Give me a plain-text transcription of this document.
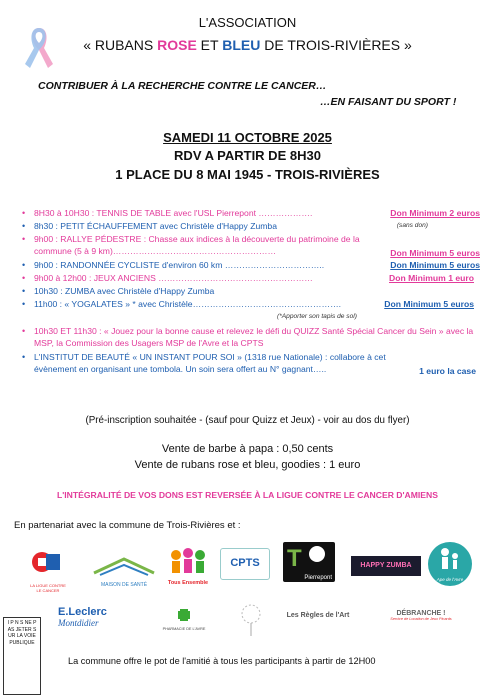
L'ASSOCIATION
« RUBANS ROSE ET BLEU DE TROIS-RIVIÈRES »
CONTRIBUER À LA RECHERCHE CONTRE LE CANCER…
…EN FAISANT DU SPORT !
SAMEDI 11 OCTOBRE 2025
RDV A PARTIR DE 8H30
1 PLACE DU 8 MAI 1945 - TROIS-RIVIÈRES
• 8H30 à 10H30 : TENNIS DE TABLE avec l'USL Pierrepont ……………….	Don Minimum 2 euros
• 8h30 : PETIT ÉCHAUFFEMENT avec Christèle d'Happy Zumba	(sans don)
• 9h00 : RALLYE PÉDESTRE : Chasse aux indices à la découverte du patrimoine de la commune (5 à 9 km)…………………………………………………	Don Minimum 5 euros
• 9h00 : RANDONNÉE CYCLISTE d'environ 60 km ……………………………..	Don Minimum 5 euros
• 9h00 à 12h00 : JEUX ANCIENS ………………………………………………	Don Minimum 1 euro
• 10h30 : ZUMBA avec Christèle d'Happy Zumba
• 11h00 : « YOGALATES » * avec Christèle…………………………………………….	Don Minimum 5 euros
(*Apporter son tapis de sol)
• 10h30 ET 11h30 : « Jouez pour la bonne cause et relevez le défi du QUIZZ Santé Spécial Cancer du Sein » avec la MSP, la Commission des Usagers MSP de l'Avre et la CPTS
• L'INSTITUT DE BEAUTÉ « UN INSTANT POUR SOI » (1318 rue Nationale) : collabore à cet évènement en organisant une tombola. Un soin sera offert au N° gagnant…..	1 euro la case
(Pré-inscription souhaitée - (sauf pour Quizz et Jeux) - voir au dos du flyer)
Vente de barbe à papa : 0,50 cents
Vente de rubans rose et bleu, goodies : 1 euro
L'INTÉGRALITÉ DE VOS DONS EST REVERSÉE À LA LIGUE CONTRE LE CANCER D'AMIENS
En partenariat avec la commune de Trois-Rivières et :
LA LIGUE CONTRE LE CANCER
MAISON DE SANTÉ	Tous Ensemble
CPTS	T
Pierrepont
HAPPY ZUMBA
Ape de l'Avre
E.Leclerc
Montdidier
PHARMACIE DE L'AVRE
Les Règles de l'Art	DÉBRANCHE !
Service de Location de Jeux Picards
I P N S NE PAS JETER SUR LA VOIE PUBLIQUE
La commune offre le pot de l'amitié à tous les participants à partir de 12H00
